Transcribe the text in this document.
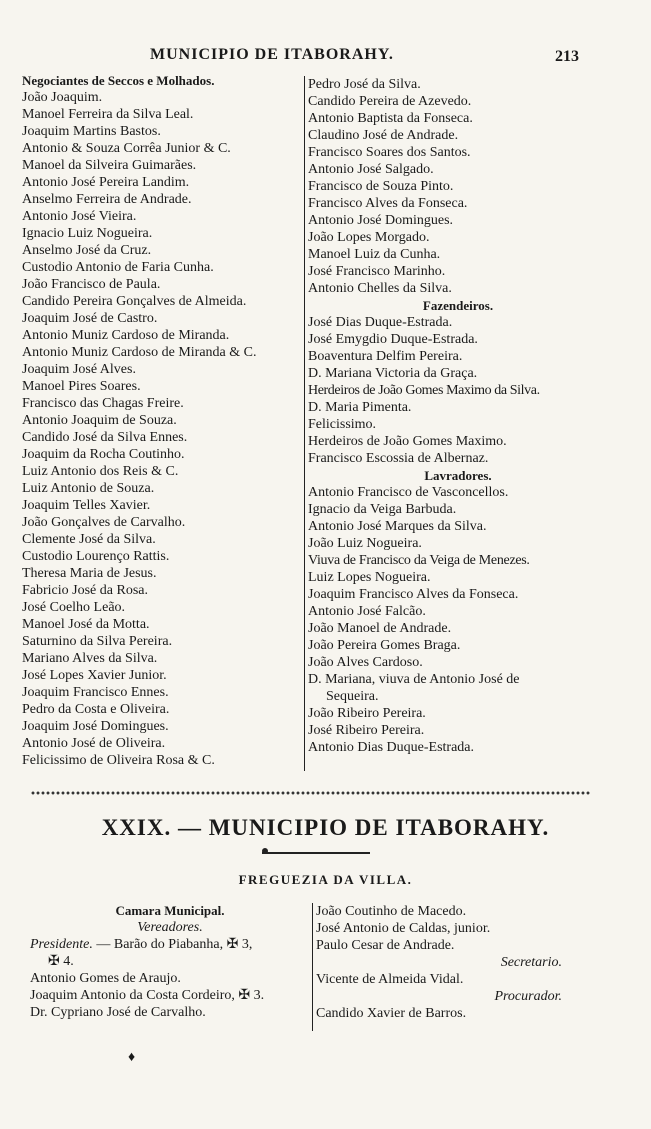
MUNICIPIO DE ITABORAHY.	213
Negociantes de Seccos e Molhados.
João Joaquim.
Manoel Ferreira da Silva Leal.
Joaquim Martins Bastos.
Antonio & Souza Corrêa Junior & C.
Manoel da Silveira Guimarães.
Antonio José Pereira Landim.
Anselmo Ferreira de Andrade.
Antonio José Vieira.
Ignacio Luiz Nogueira.
Anselmo José da Cruz.
Custodio Antonio de Faria Cunha.
João Francisco de Paula.
Candido Pereira Gonçalves de Almeida.
Joaquim José de Castro.
Antonio Muniz Cardoso de Miranda.
Antonio Muniz Cardoso de Miranda & C.
Joaquim José Alves.
Manoel Pires Soares.
Francisco das Chagas Freire.
Antonio Joaquim de Souza.
Candido José da Silva Ennes.
Joaquim da Rocha Coutinho.
Luiz Antonio dos Reis & C.
Luiz Antonio de Souza.
Joaquim Telles Xavier.
João Gonçalves de Carvalho.
Clemente José da Silva.
Custodio Lourenço Rattis.
Theresa Maria de Jesus.
Fabricio José da Rosa.
José Coelho Leão.
Manoel José da Motta.
Saturnino da Silva Pereira.
Mariano Alves da Silva.
José Lopes Xavier Junior.
Joaquim Francisco Ennes.
Pedro da Costa e Oliveira.
Joaquim José Domingues.
Antonio José de Oliveira.
Felicissimo de Oliveira Rosa & C.
Pedro José da Silva.
Candido Pereira de Azevedo.
Antonio Baptista da Fonseca.
Claudino José de Andrade.
Francisco Soares dos Santos.
Antonio José Salgado.
Francisco de Souza Pinto.
Francisco Alves da Fonseca.
Antonio José Domingues.
João Lopes Morgado.
Manoel Luiz da Cunha.
José Francisco Marinho.
Antonio Chelles da Silva.
Fazendeiros.
José Dias Duque-Estrada.
José Emygdio Duque-Estrada.
Boaventura Delfim Pereira.
D. Mariana Victoria da Graça.
Herdeiros de João Gomes Maximo da Silva.
D. Maria Pimenta.
Felicissimo.
Herdeiros de João Gomes Maximo.
Francisco Escossia de Albernaz.
Lavradores.
Antonio Francisco de Vasconcellos.
Ignacio da Veiga Barbuda.
Antonio José Marques da Silva.
João Luiz Nogueira.
Viuva de Francisco da Veiga de Menezes.
Luiz Lopes Nogueira.
Joaquim Francisco Alves da Fonseca.
Antonio José Falcão.
João Manoel de Andrade.
João Pereira Gomes Braga.
João Alves Cardoso.
D. Mariana, viuva de Antonio José de
Sequeira.
João Ribeiro Pereira.
José Ribeiro Pereira.
Antonio Dias Duque-Estrada.
XXIX. — MUNICIPIO DE ITABORAHY.
FREGUEZIA DA VILLA.
Camara Municipal.
Vereadores.
Presidente. — Barão do Piabanha, ✠ 3,
✠ 4.
Antonio Gomes de Araujo.
Joaquim Antonio da Costa Cordeiro, ✠ 3.
Dr. Cypriano José de Carvalho.
João Coutinho de Macedo.
José Antonio de Caldas, junior.
Paulo Cesar de Andrade.
Secretario.
Vicente de Almeida Vidal.
Procurador.
Candido Xavier de Barros.
♦
